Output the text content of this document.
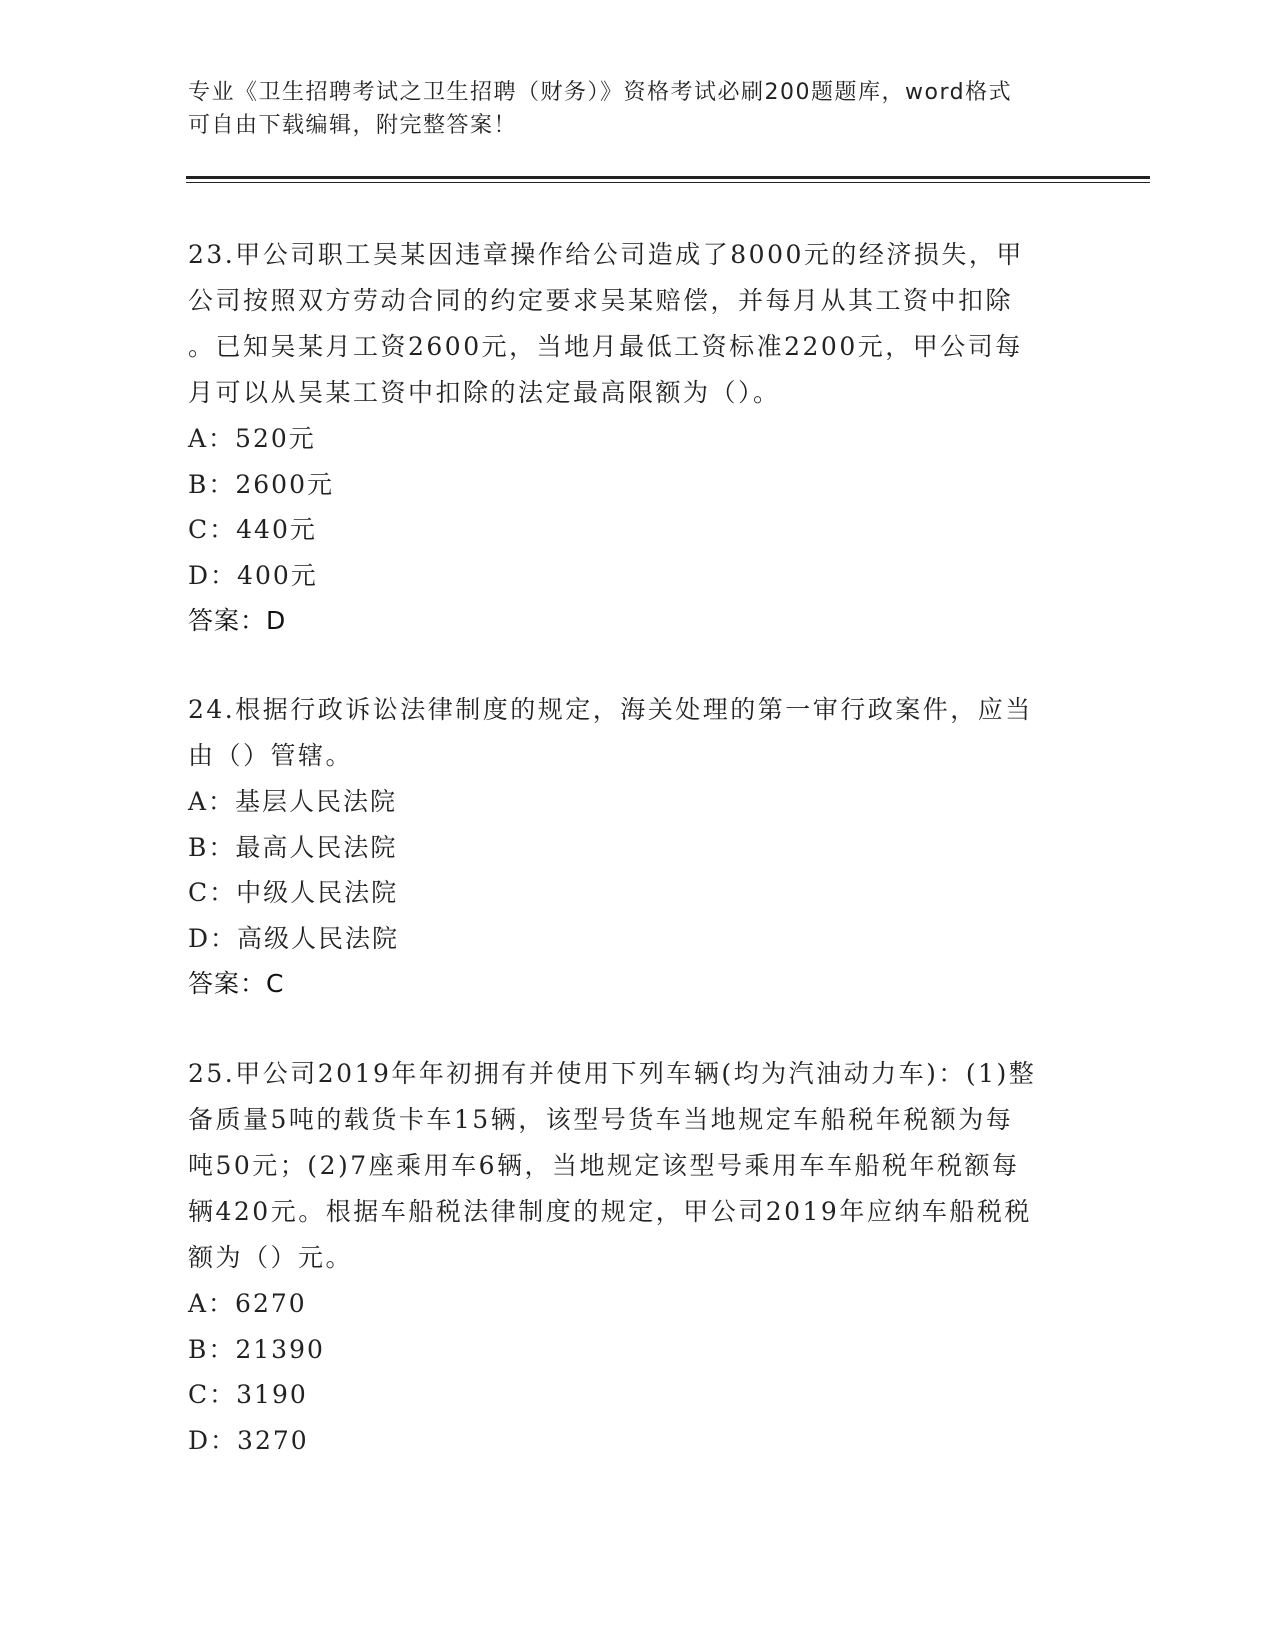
专业《卫生招聘考试之卫生招聘（财务）》资格考试必刷200题题库，word格式
可自由下载编辑，附完整答案！

23.甲公司职工吴某因违章操作给公司造成了8000元的经济损失，甲

公司按照双方劳动合同的约定要求吴某赔偿，并每月从其工资中扣除

。已知吴某月工资2600元，当地月最低工资标准2200元，甲公司每

月可以从吴某工资中扣除的法定最高限额为（）。

A：520元

B：2600元

C：440元

D：400元

答案：D

24.根据行政诉讼法律制度的规定，海关处理的第一审行政案件，应当

由（）管辖。

A：基层人民法院

B：最高人民法院

C：中级人民法院

D：高级人民法院

答案：C

25.甲公司2019年年初拥有并使用下列车辆(均为汽油动力车)：(1)整

备质量5吨的载货卡车15辆，该型号货车当地规定车船税年税额为每

吨50元；(2)7座乘用车6辆，当地规定该型号乘用车车船税年税额每

辆420元。根据车船税法律制度的规定，甲公司2019年应纳车船税税

额为（）元。

A：6270

B：21390

C：3190

D：3270
